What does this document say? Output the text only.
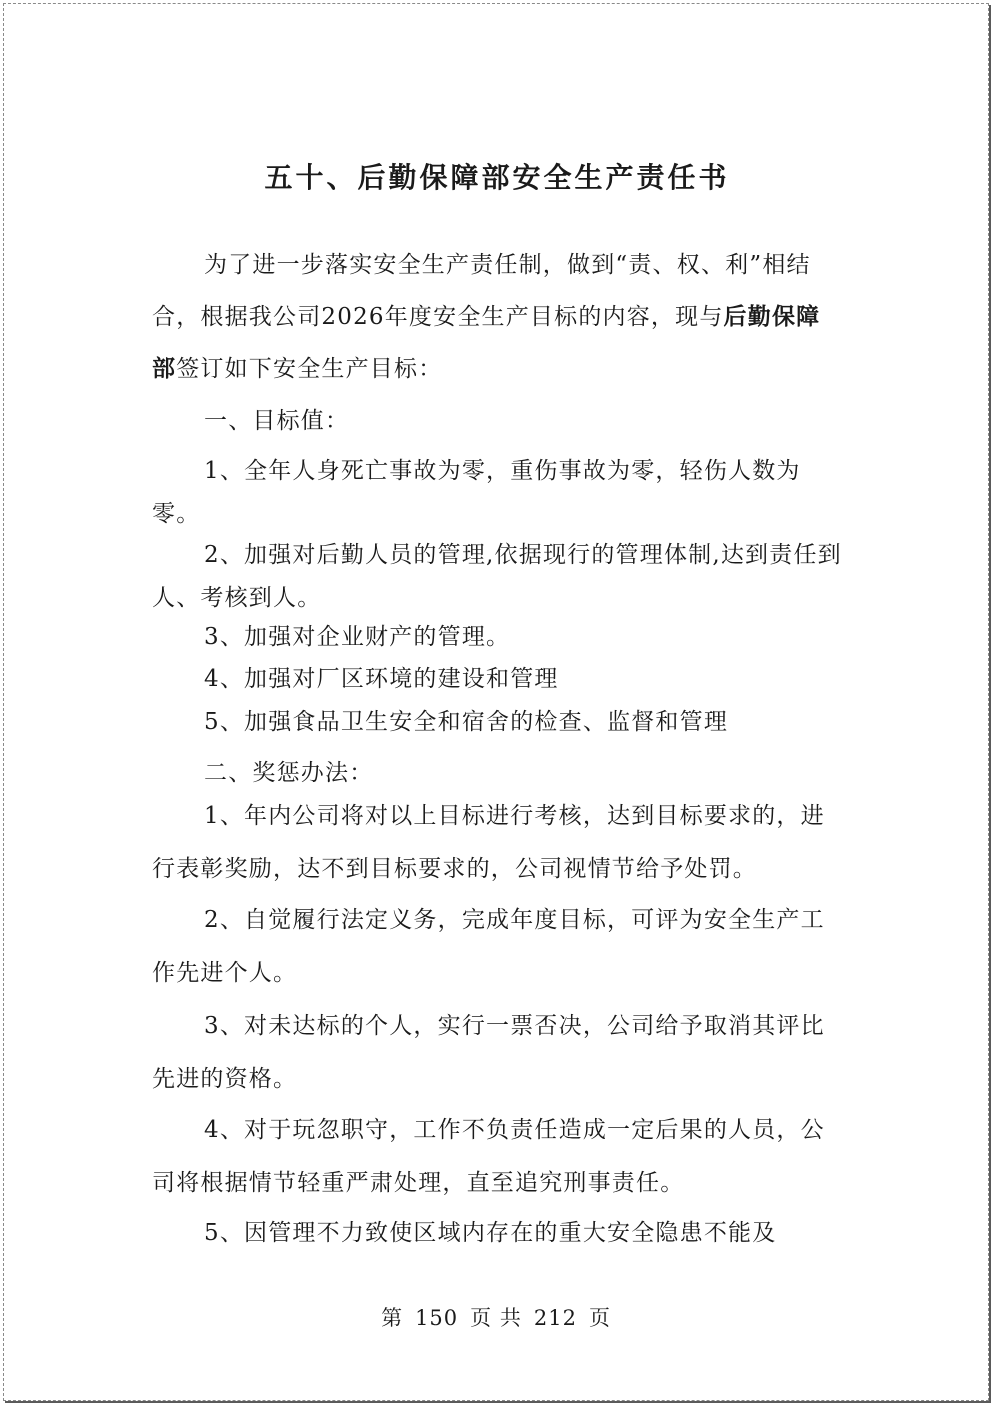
五十、后勤保障部安全生产责任书
为了进一步落实安全生产责任制，做到“责、权、利”相结合，根据我公司2026年度安全生产目标的内容，现与后勤保障部签订如下安全生产目标：
一、目标值：
1、全年人身死亡事故为零，重伤事故为零，轻伤人数为零。
2、加强对后勤人员的管理,依据现行的管理体制,达到责任到人、考核到人。
3、加强对企业财产的管理。
4、加强对厂区环境的建设和管理
5、加强食品卫生安全和宿舍的检查、监督和管理
二、奖惩办法：
1、年内公司将对以上目标进行考核，达到目标要求的，进行表彰奖励，达不到目标要求的，公司视情节给予处罚。
2、自觉履行法定义务，完成年度目标，可评为安全生产工作先进个人。
3、对未达标的个人，实行一票否决，公司给予取消其评比先进的资格。
4、对于玩忽职守，工作不负责任造成一定后果的人员，公司将根据情节轻重严肃处理，直至追究刑事责任。
5、因管理不力致使区域内存在的重大安全隐患不能及
第 150 页 共 212 页
